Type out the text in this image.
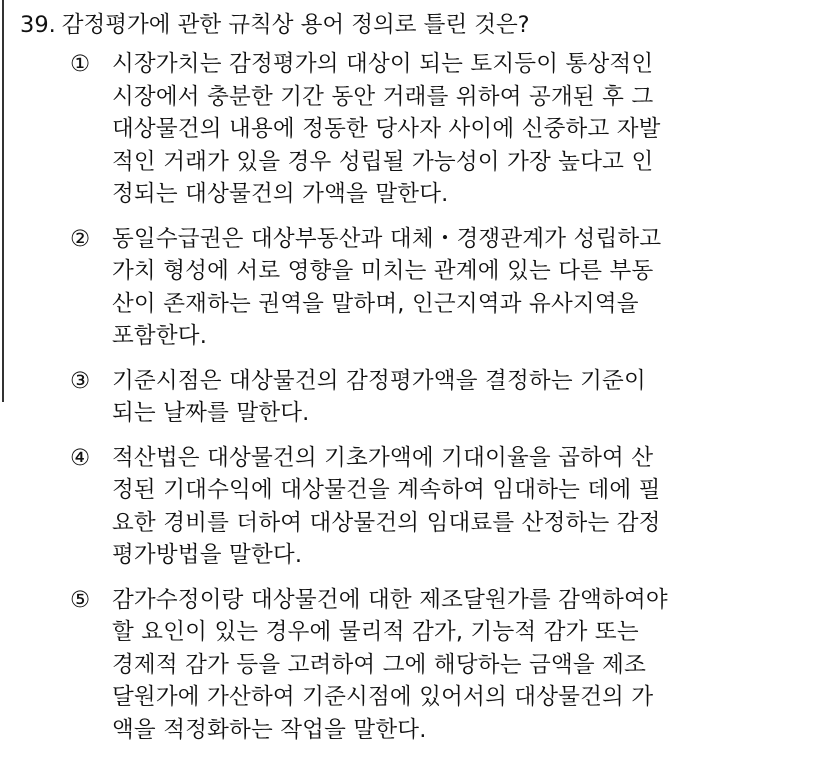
39. 감정평가에 관한 규칙상 용어 정의로 틀린 것은?
① 시장가치는 감정평가의 대상이 되는 토지등이 통상적인
시장에서 충분한 기간 동안 거래를 위하여 공개된 후 그
대상물건의 내용에 정동한 당사자 사이에 신중하고 자발
적인 거래가 있을 경우 성립될 가능성이 가장 높다고 인
정되는 대상물건의 가액을 말한다.
② 동일수급권은 대상부동산과 대체・경쟁관계가 성립하고
가치 형성에 서로 영향을 미치는 관계에 있는 다른 부동
산이 존재하는 권역을 말하며, 인근지역과 유사지역을
포함한다.
③ 기준시점은 대상물건의 감정평가액을 결정하는 기준이
되는 날짜를 말한다.
④ 적산법은 대상물건의 기초가액에 기대이율을 곱하여 산
정된 기대수익에 대상물건을 계속하여 임대하는 데에 필
요한 경비를 더하여 대상물건의 임대료를 산정하는 감정
평가방법을 말한다.
⑤ 감가수정이랑 대상물건에 대한 제조달원가를 감액하여야
할 요인이 있는 경우에 물리적 감가, 기능적 감가 또는
경제적 감가 등을 고려하여 그에 해당하는 금액을 제조
달원가에 가산하여 기준시점에 있어서의 대상물건의 가
액을 적정화하는 작업을 말한다.
